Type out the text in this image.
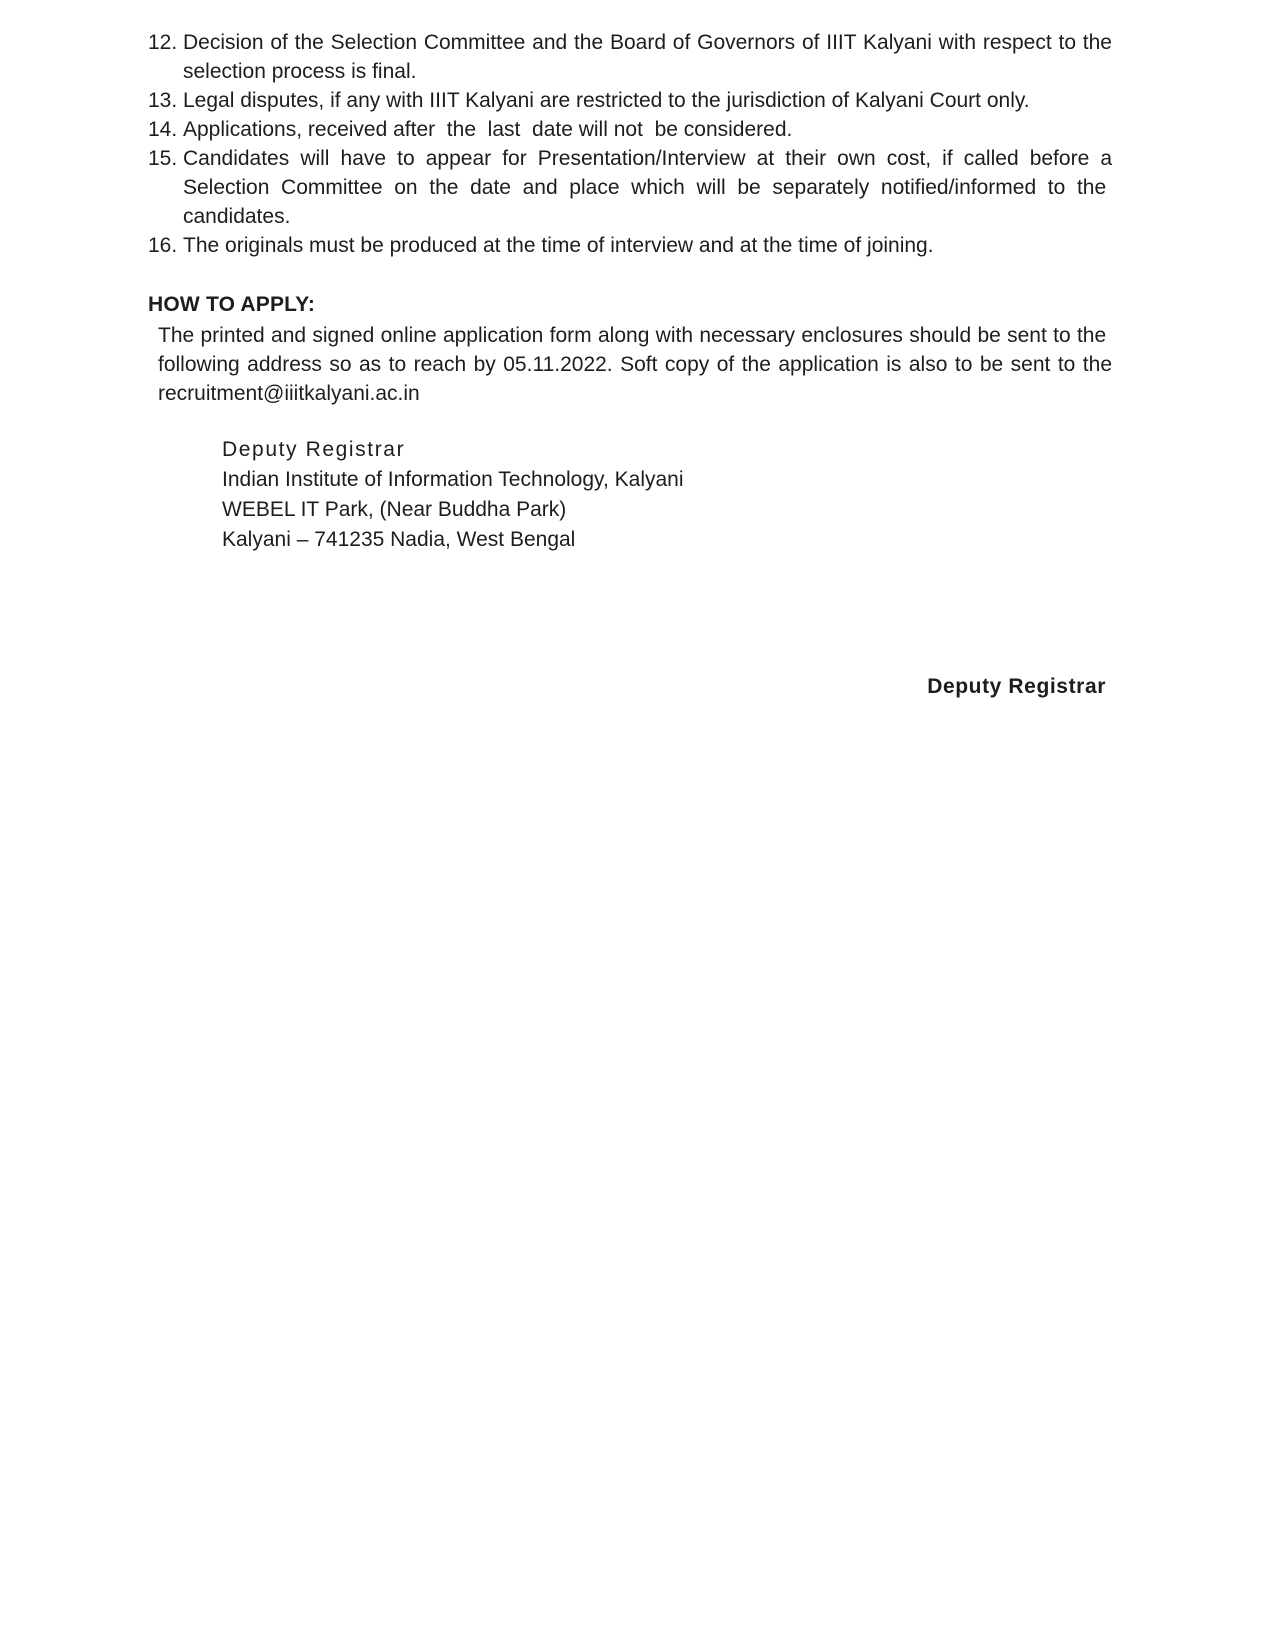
12. Decision of the Selection Committee and the Board of Governors of IIIT Kalyani with respect to the selection process is final.
13. Legal disputes, if any with IIIT Kalyani are restricted to the jurisdiction of Kalyani Court only.
14. Applications, received after  the  last  date will not  be considered.
15. Candidates will have to appear for Presentation/Interview at their own cost, if called before a Selection Committee on the date and place which will be separately notified/informed to the  candidates.
16. The originals must be produced at the time of interview and at the time of joining.
HOW TO APPLY:
The printed and signed online application form along with necessary enclosures should be sent to the  following address so as to reach by 05.11.2022. Soft copy of the application is also to be sent to the recruitment@iiitkalyani.ac.in
Deputy Registrar
Indian Institute of Information Technology, Kalyani
WEBEL IT Park, (Near Buddha Park)
Kalyani – 741235 Nadia, West Bengal
Deputy Registrar
